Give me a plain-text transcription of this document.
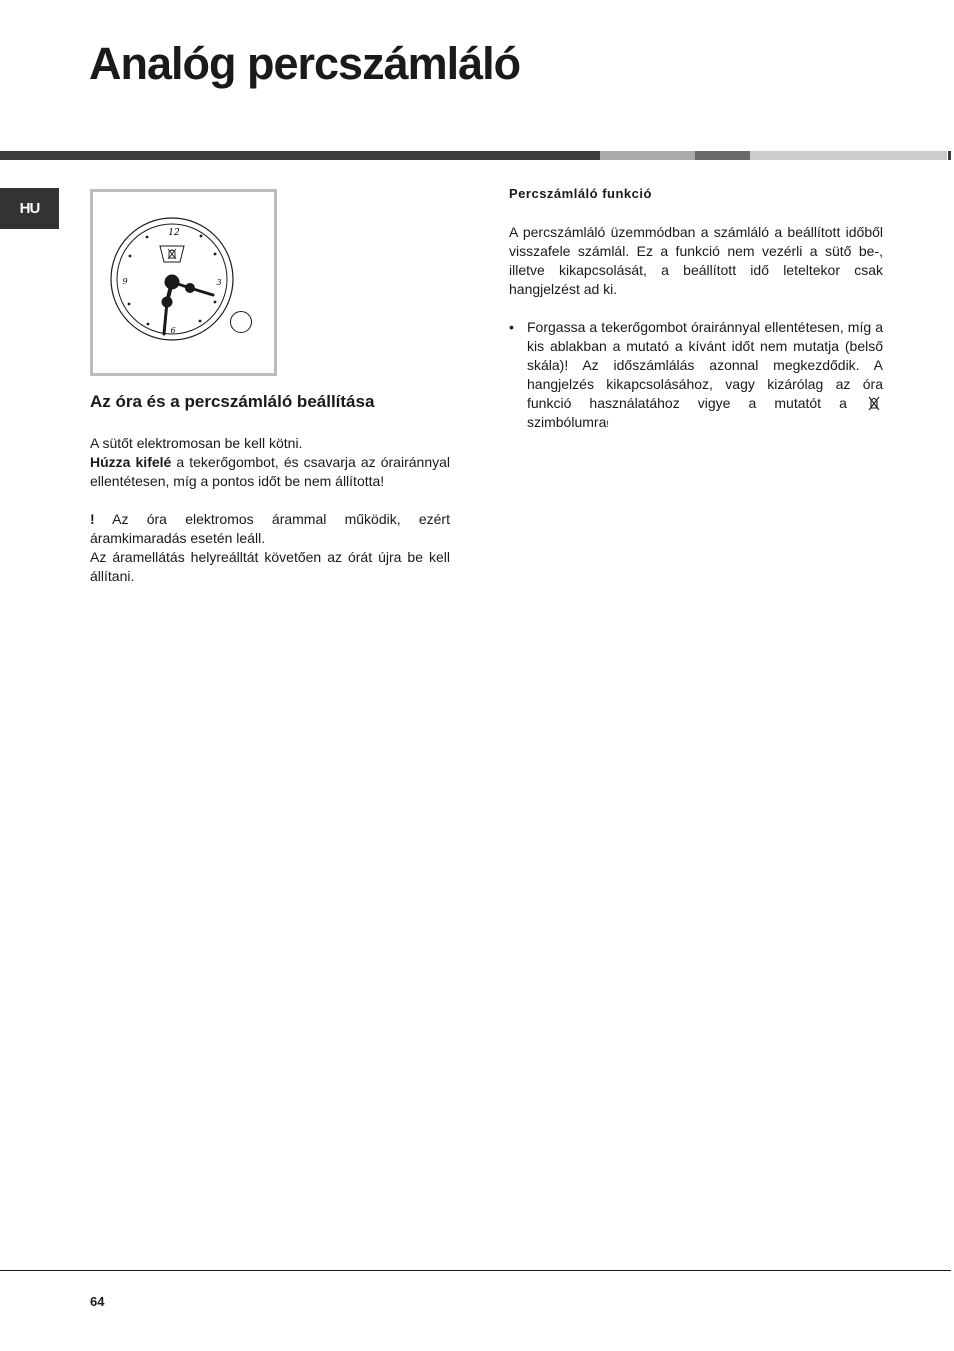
Analóg percszámláló
HU
12
3
6
9
Az óra és a percszámláló beállítása

A sütőt elektromosan be kell kötni.
Húzza kifelé a tekerőgombot, és csavarja az órairánnyal ellentétesen, míg a pontos időt be nem állította!

! Az óra elektromos árammal működik, ezért áramkimaradás esetén leáll.
Az áramellátás helyreálltát követően az órát újra be kell állítani.

Percszámláló funkció

A percszámláló üzemmódban a számláló a beállított időből visszafele számlál. Ez a funkció nem vezérli a sütő be-, illetve kikapcsolását, a beállított idő leteltekor csak hangjelzést ad ki.

• Forgassa a tekerőgombot órairánnyal ellentétesen, míg a kis ablakban a mutató a kívánt időt nem mutatja (belső skála)! Az időszámlálás azonnal megkezdődik. A hangjelzés kikapcsolásához, vagy kizárólag az óra funkció használatához vigye a mutatót a  szimbólumra!
64
